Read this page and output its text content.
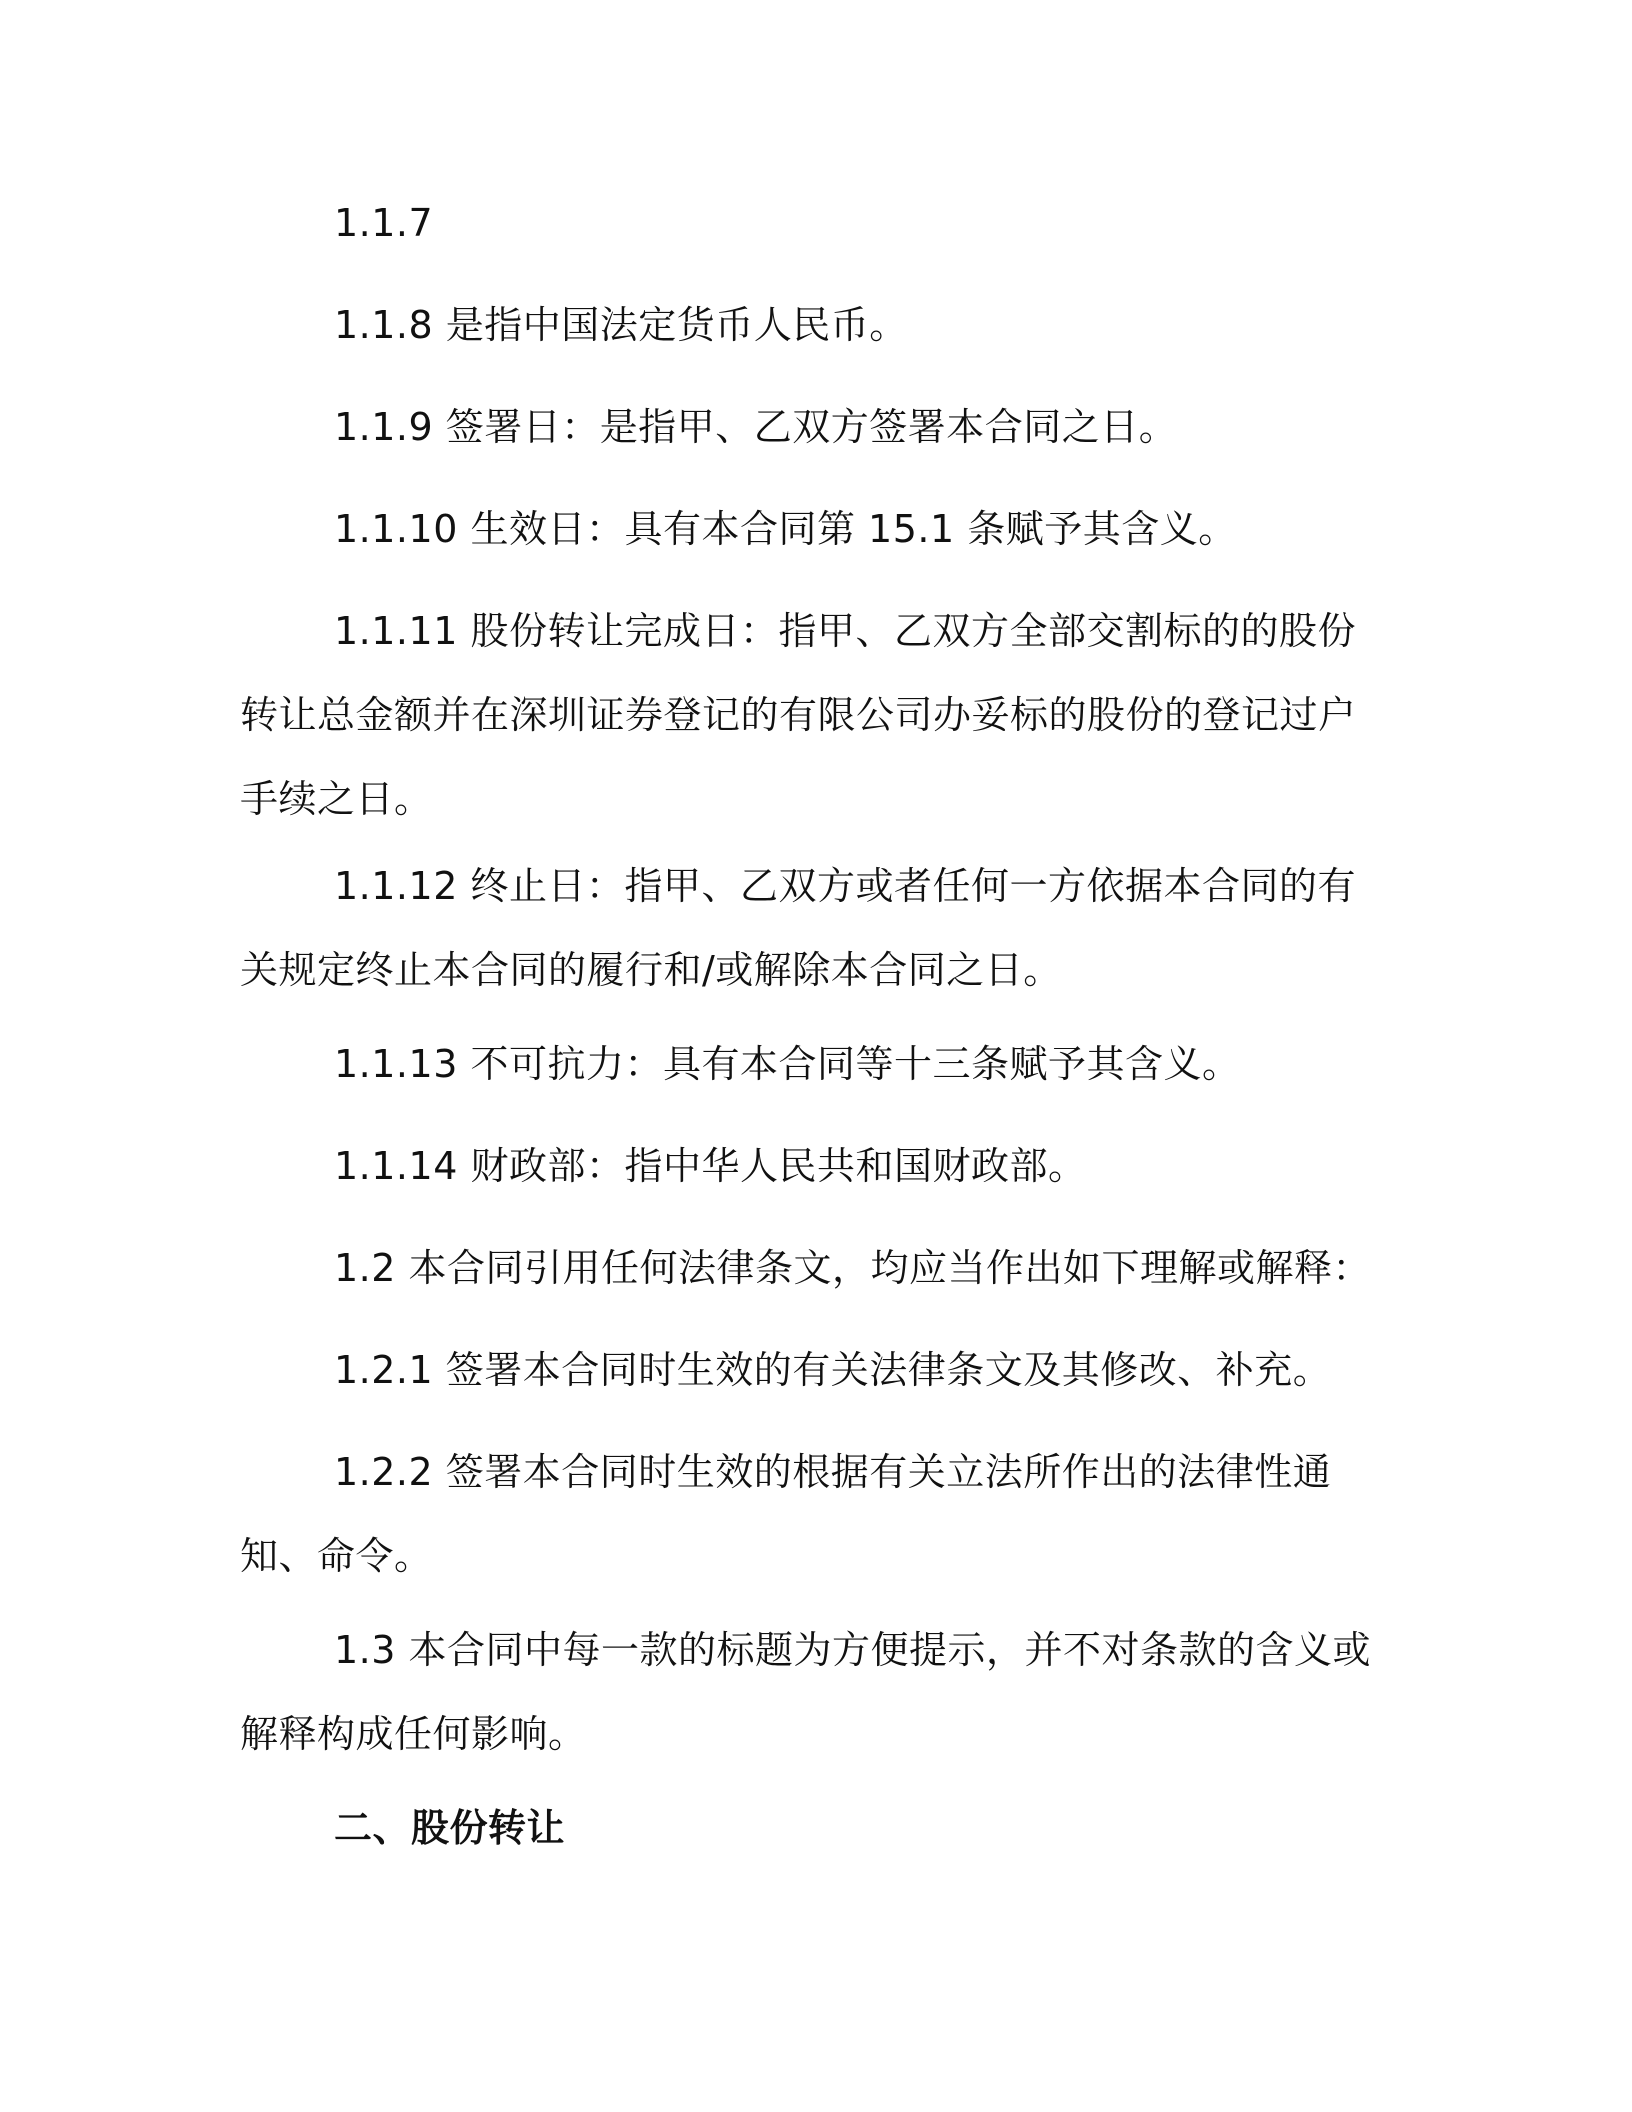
1.1.7

1.1.8 是指中国法定货币人民币。

1.1.9 签署日：是指甲、乙双方签署本合同之日。

1.1.10 生效日：具有本合同第 15.1 条赋予其含义。

1.1.11 股份转让完成日：指甲、乙双方全部交割标的的股份转让总金额并在深圳证券登记的有限公司办妥标的股份的登记过户手续之日。

1.1.12 终止日：指甲、乙双方或者任何一方依据本合同的有关规定终止本合同的履行和/或解除本合同之日。

1.1.13 不可抗力：具有本合同等十三条赋予其含义。

1.1.14 财政部：指中华人民共和国财政部。

1.2 本合同引用任何法律条文，均应当作出如下理解或解释：

1.2.1 签署本合同时生效的有关法律条文及其修改、补充。

1.2.2 签署本合同时生效的根据有关立法所作出的法律性通知、命令。

1.3 本合同中每一款的标题为方便提示，并不对条款的含义或解释构成任何影响。

二、股份转让
